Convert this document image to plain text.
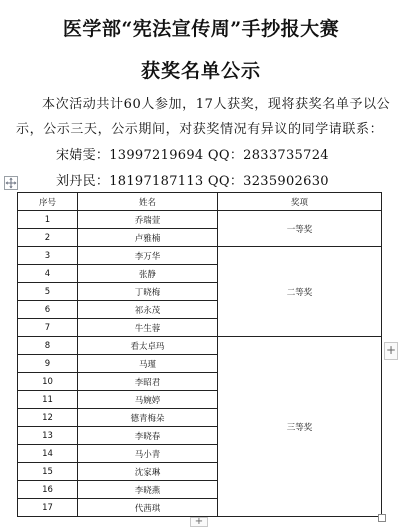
医学部“宪法宣传周”手抄报大赛
获奖名单公示
本次活动共计60人参加，17人获奖，现将获奖名单予以公示，公示三天，公示期间，对获奖情况有异议的同学请联系：
宋婧雯：13997219694 QQ：2833735724
刘丹民：18197187113 QQ：3235902630
序号	姓名	奖项
1	乔瑞萱	一等奖
2	卢雅楠	
3	李万华	二等奖
4	张静	
5	丁晓梅	
6	祁永茂	
7	牛生蓉	
8	看太卓玛	三等奖
9	马瑾	
10	李昭君	
11	马婉婷	
12	德青梅朵	
13	李晓春	
14	马小青	
15	沈家琳	
16	李晓燕	
17	代茜琪	
+
+
